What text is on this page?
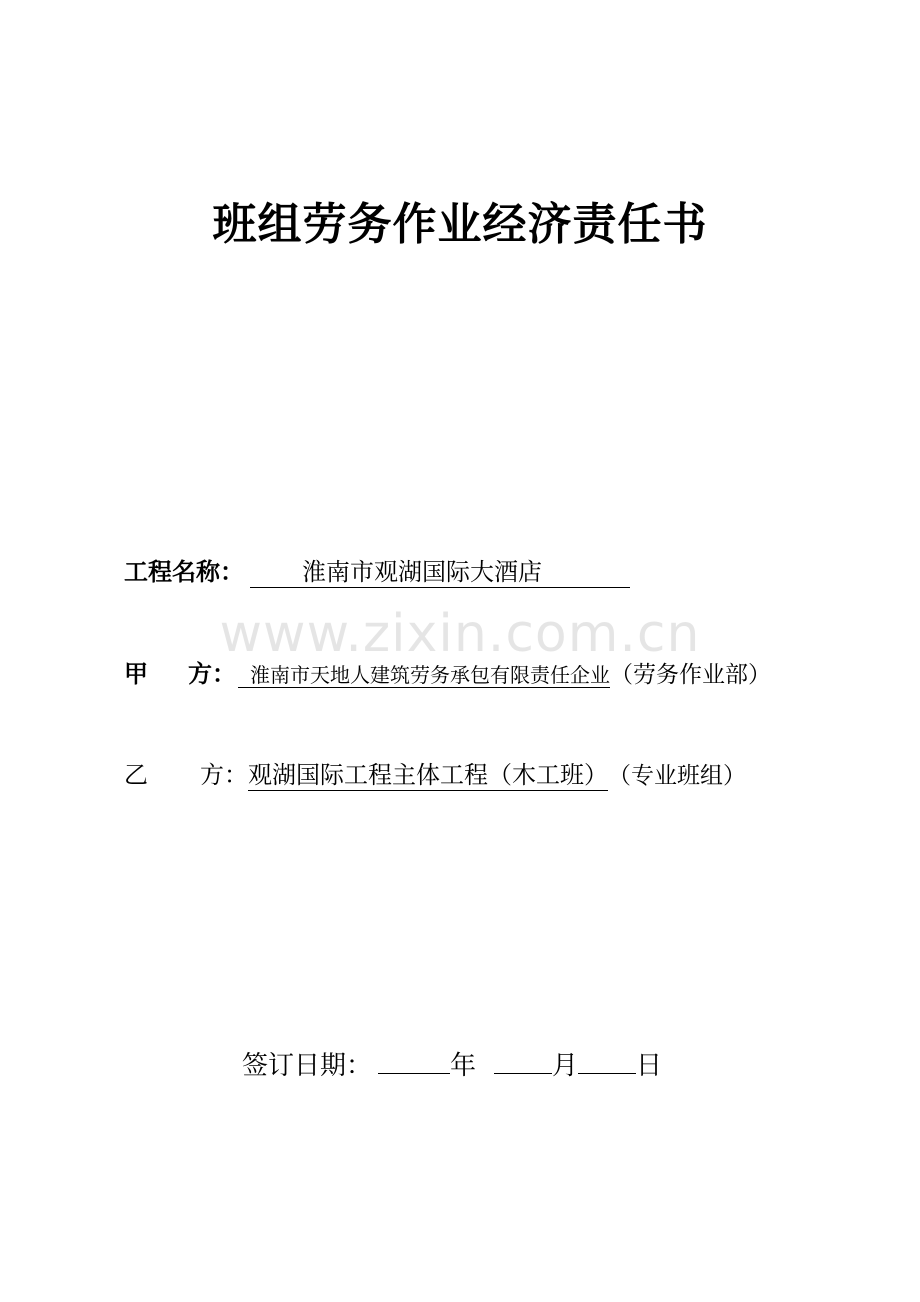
班组劳务作业经济责任书
www.zixin.com.cn
工程名称： 淮南市观湖国际大酒店
甲 方： 淮南市天地人建筑劳务承包有限责任企业（劳务作业部）
乙 方：观湖国际工程主体工程（木工班）（专业班组）
签订日期：	年	月 日
